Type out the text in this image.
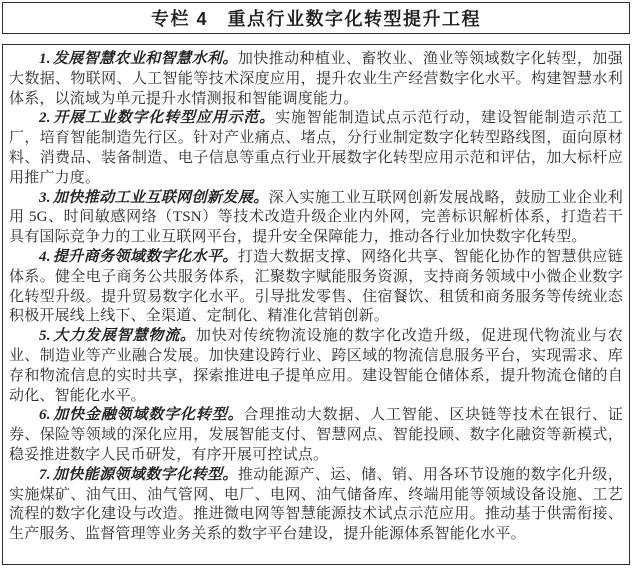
专栏 4　重点行业数字化转型提升工程

1. 发展智慧农业和智慧水利。加快推动种植业、畜牧业、渔业等领域数字化转型，加强大数据、物联网、人工智能等技术深度应用，提升农业生产经营数字化水平。构建智慧水利体系，以流域为单元提升水情测报和智能调度能力。

2. 开展工业数字化转型应用示范。实施智能制造试点示范行动，建设智能制造示范工厂，培育智能制造先行区。针对产业痛点、堵点，分行业制定数字化转型路线图，面向原材料、消费品、装备制造、电子信息等重点行业开展数字化转型应用示范和评估，加大标杆应用推广力度。

3. 加快推动工业互联网创新发展。深入实施工业互联网创新发展战略，鼓励工业企业利用 5G、时间敏感网络（TSN）等技术改造升级企业内外网，完善标识解析体系，打造若干具有国际竞争力的工业互联网平台，提升安全保障能力，推动各行业加快数字化转型。

4. 提升商务领域数字化水平。打造大数据支撑、网络化共享、智能化协作的智慧供应链体系。健全电子商务公共服务体系，汇聚数字赋能服务资源，支持商务领域中小微企业数字化转型升级。提升贸易数字化水平。引导批发零售、住宿餐饮、租赁和商务服务等传统业态积极开展线上线下、全渠道、定制化、精准化营销创新。

5. 大力发展智慧物流。加快对传统物流设施的数字化改造升级，促进现代物流业与农业、制造业等产业融合发展。加快建设跨行业、跨区域的物流信息服务平台，实现需求、库存和物流信息的实时共享，探索推进电子提单应用。建设智能仓储体系，提升物流仓储的自动化、智能化水平。

6. 加快金融领域数字化转型。合理推动大数据、人工智能、区块链等技术在银行、证券、保险等领域的深化应用，发展智能支付、智慧网点、智能投顾、数字化融资等新模式，稳妥推进数字人民币研发，有序开展可控试点。

7. 加快能源领域数字化转型。推动能源产、运、储、销、用各环节设施的数字化升级，实施煤矿、油气田、油气管网、电厂、电网、油气储备库、终端用能等领域设备设施、工艺流程的数字化建设与改造。推进微电网等智慧能源技术试点示范应用。推动基于供需衔接、生产服务、监督管理等业务关系的数字平台建设，提升能源体系智能化水平。
